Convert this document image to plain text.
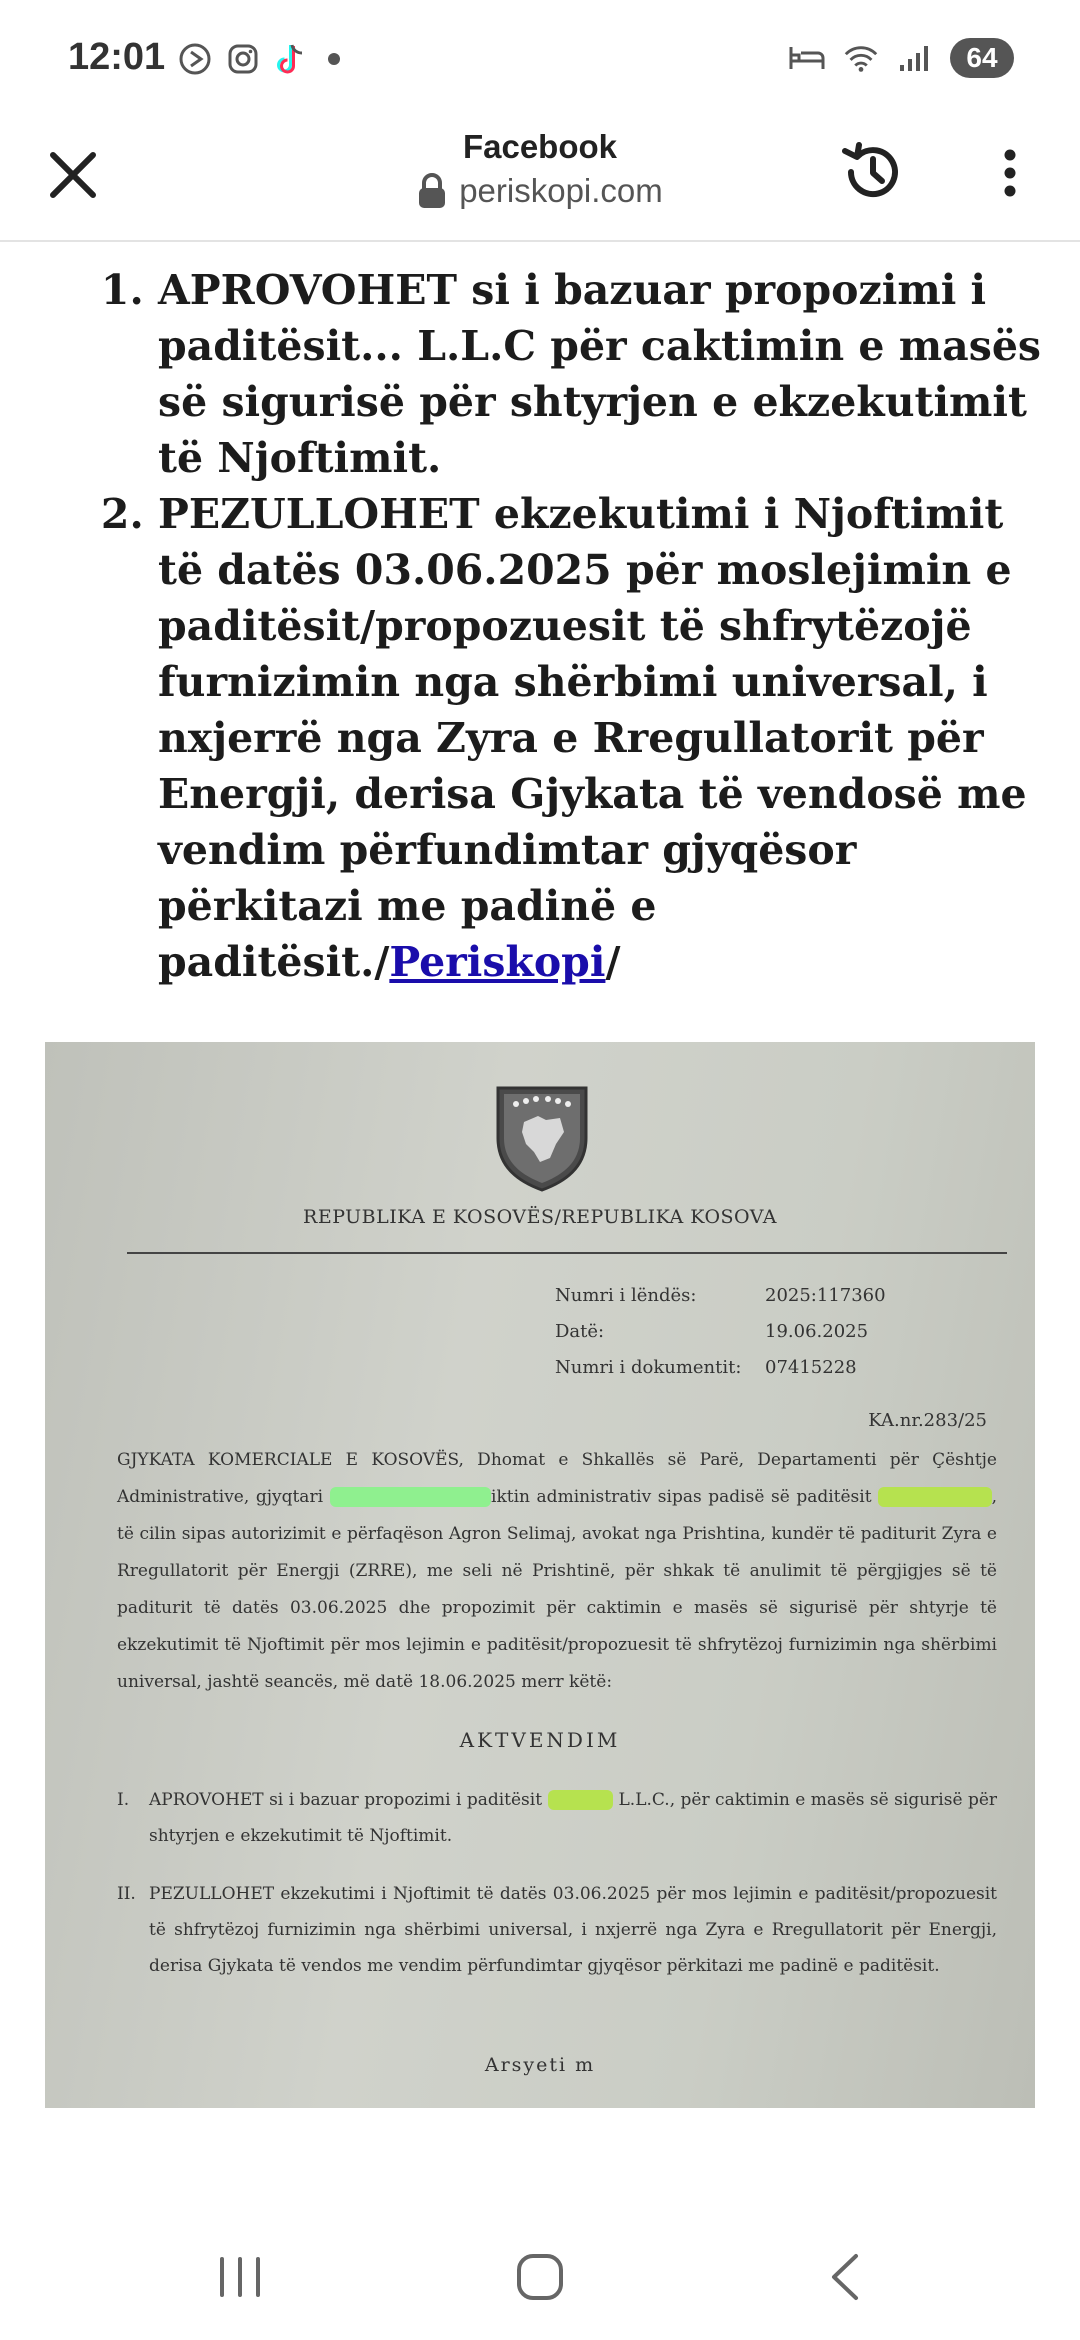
12:01	64
Facebook
periskopi.com
1. APROVOHET si i bazuar propozimi i paditësit... L.L.C për caktimin e masës së sigurisë për shtyrjen e ekzekutimit të Njoftimit.
2. PEZULLOHET ekzekutimi i Njoftimit të datës 03.06.2025 për moslejimin e paditësit/propozuesit të shfrytëzojë furnizimin nga shërbimi universal, i nxjerrë nga Zyra e Rregullatorit për Energji, derisa Gjykata të vendosë me vendim përfundimtar gjyqësor përkitazi me padinë e paditësit./Periskopi/
REPUBLIKA E KOSOVËS/REPUBLIKA KOSOVA
Numri i lëndës:	2025:117360
Datë:	19.06.2025
Numri i dokumentit:	07415228
KA.nr.283/25
GJYKATA KOMERCIALE E KOSOVËS, Dhomat e Shkallës së Parë, Departamenti për Çështje Administrative, gjyqtari	iktin administrativ sipas padisë së paditësit	, të cilin sipas autorizimit e përfaqëson Agron Selimaj, avokat nga Prishtina, kundër të paditurit Zyra e Rregullatorit për Energji (ZRRE), me seli në Prishtinë, për shkak të anulimit të përgjigjes së të paditurit të datës 03.06.2025 dhe propozimit për caktimin e masës së sigurisë për shtyrje të ekzekutimit të Njoftimit për mos lejimin e paditësit/propozuesit të shfrytëzoj furnizimin nga shërbimi universal, jashtë seancës, më datë 18.06.2025 merr këtë:
AKTVENDIM
I.	APROVOHET si i bazuar propozimi i paditësit	L.L.C., për caktimin e masës së sigurisë për shtyrjen e ekzekutimit të Njoftimit.
II. PEZULLOHET ekzekutimi i Njoftimit të datës 03.06.2025 për mos lejimin e paditësit/propozuesit të shfrytëzoj furnizimin nga shërbimi universal, i nxjerrë nga Zyra e Rregullatorit për Energji, derisa Gjykata të vendos me vendim përfundimtar gjyqësor përkitazi me padinë e paditësit.
Arsyeti m
